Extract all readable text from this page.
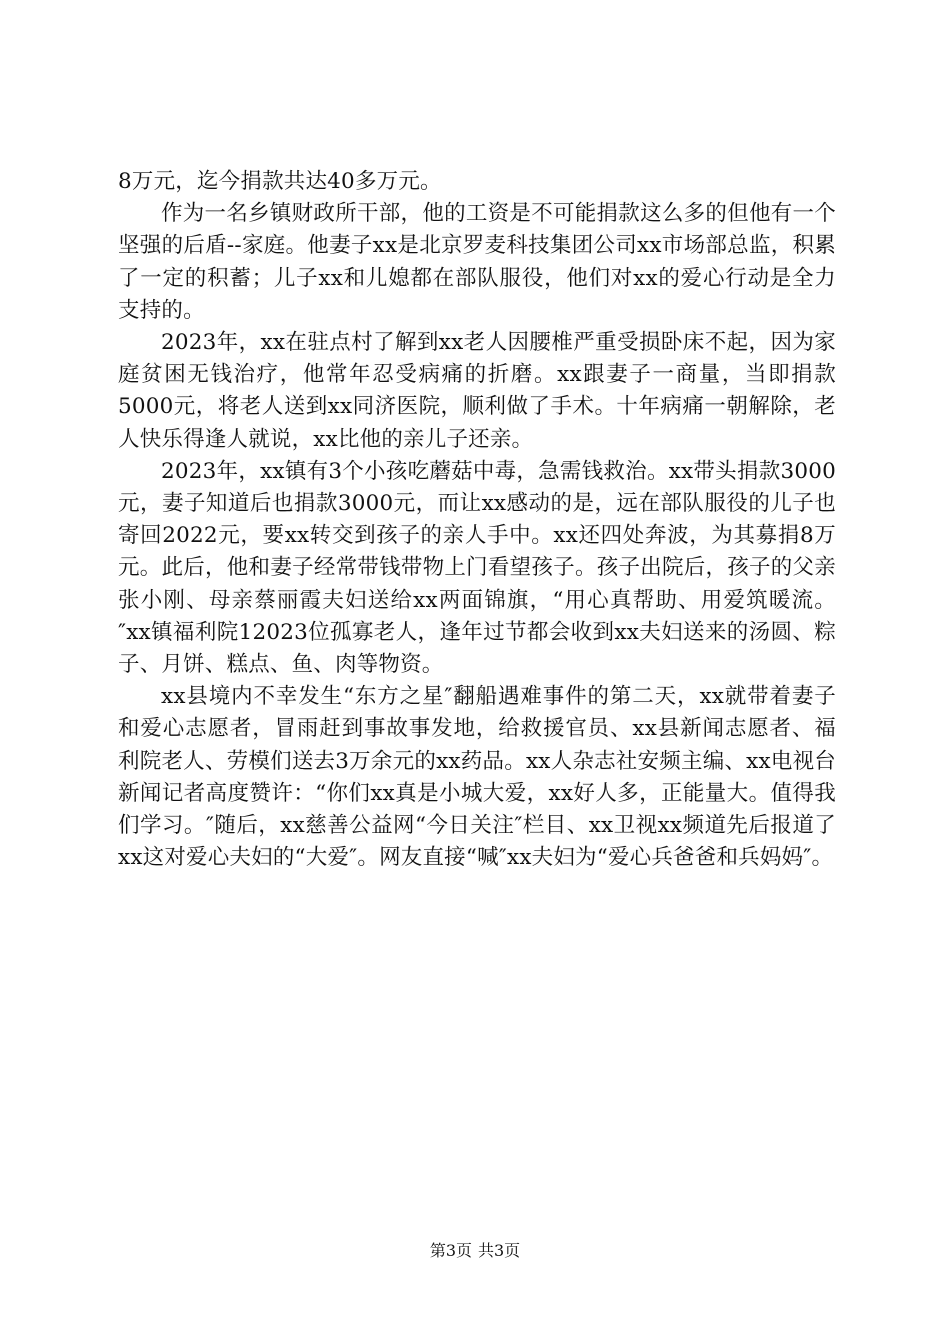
8万元，迄今捐款共达40多万元。

作为一名乡镇财政所干部，他的工资是不可能捐款这么多的但他有一个坚强的后盾--家庭。他妻子xx是北京罗麦科技集团公司xx市场部总监，积累了一定的积蓄；儿子xx和儿媳都在部队服役，他们对xx的爱心行动是全力支持的。

2023年，xx在驻点村了解到xx老人因腰椎严重受损卧床不起，因为家庭贫困无钱治疗，他常年忍受病痛的折磨。xx跟妻子一商量，当即捐款5000元，将老人送到xx同济医院，顺利做了手术。十年病痛一朝解除，老人快乐得逢人就说，xx比他的亲儿子还亲。

2023年，xx镇有3个小孩吃蘑菇中毒，急需钱救治。xx带头捐款3000元，妻子知道后也捐款3000元，而让xx感动的是，远在部队服役的儿子也寄回2022元，要xx转交到孩子的亲人手中。xx还四处奔波，为其募捐8万元。此后，他和妻子经常带钱带物上门看望孩子。孩子出院后，孩子的父亲张小刚、母亲蔡丽霞夫妇送给xx两面锦旗，“用心真帮助、用爱筑暖流。″xx镇福利院12023位孤寡老人，逢年过节都会收到xx夫妇送来的汤圆、粽子、月饼、糕点、鱼、肉等物资。

xx县境内不幸发生“东方之星″翻船遇难事件的第二天，xx就带着妻子和爱心志愿者，冒雨赶到事故事发地，给救援官员、xx县新闻志愿者、福利院老人、劳模们送去3万余元的xx药品。xx人杂志社安频主编、xx电视台新闻记者高度赞许：“你们xx真是小城大爱，xx好人多，正能量大。值得我们学习。″随后，xx慈善公益网“今日关注″栏目、xx卫视xx频道先后报道了xx这对爱心夫妇的“大爱″。网友直接“喊″xx夫妇为“爱心兵爸爸和兵妈妈″。

第3页 共3页
